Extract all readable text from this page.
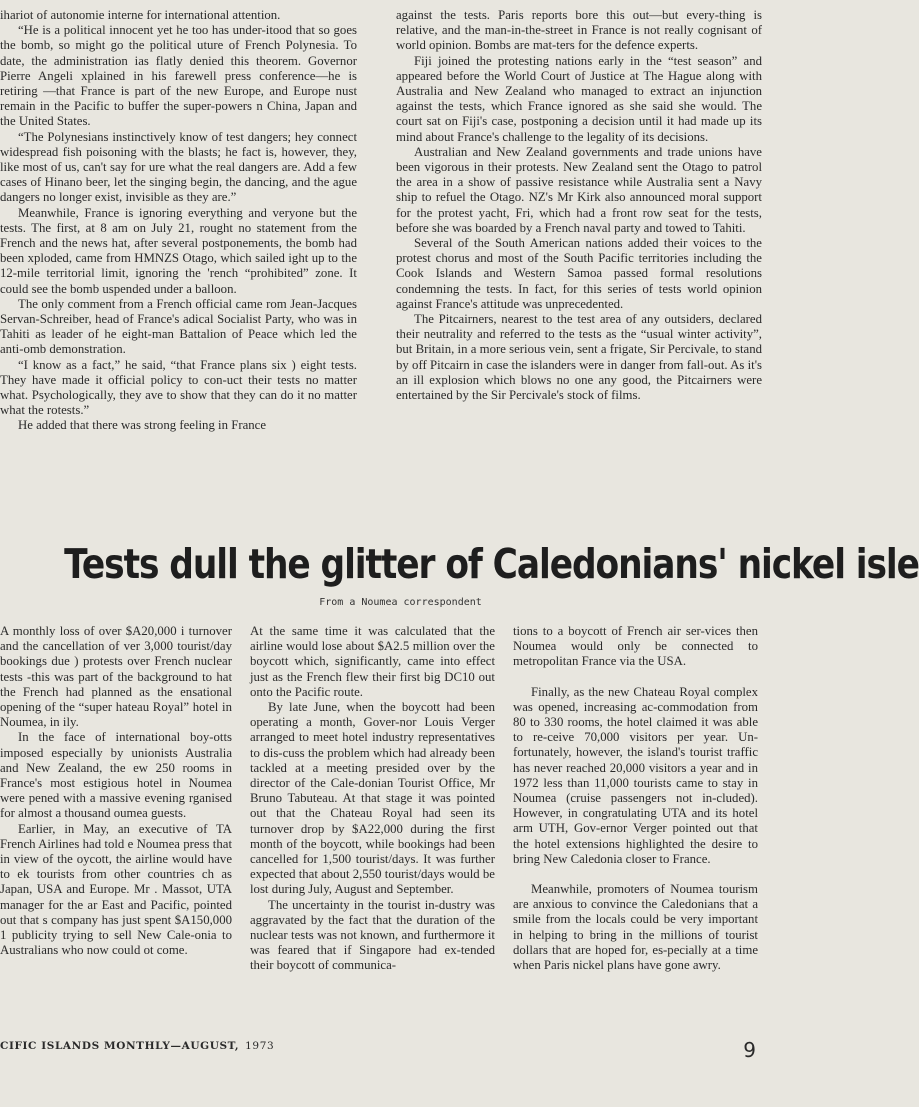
ihariot of autonomie interne for international attention.

“He is a political innocent yet he too has under-itood that so goes the bomb, so might go the political uture of French Polynesia. To date, the administration ias flatly denied this theorem. Governor Pierre Angeli xplained in his farewell press conference—he is retiring —that France is part of the new Europe, and Europe nust remain in the Pacific to buffer the super-powers n China, Japan and the United States.

“The Polynesians instinctively know of test dangers; hey connect widespread fish poisoning with the blasts; he fact is, however, they, like most of us, can't say for ure what the real dangers are. Add a few cases of Hinano beer, let the singing begin, the dancing, and the ague dangers no longer exist, invisible as they are.”

Meanwhile, France is ignoring everything and veryone but the tests. The first, at 8 am on July 21, rought no statement from the French and the news hat, after several postponements, the bomb had been xploded, came from HMNZS Otago, which sailed ight up to the 12-mile territorial limit, ignoring the 'rench “prohibited” zone. It could see the bomb uspended under a balloon.

The only comment from a French official came rom Jean-Jacques Servan-Schreiber, head of France's adical Socialist Party, who was in Tahiti as leader of he eight-man Battalion of Peace which led the anti-omb demonstration.

“I know as a fact,” he said, “that France plans six ) eight tests. They have made it official policy to con-uct their tests no matter what. Psychologically, they ave to show that they can do it no matter what the rotests.”

He added that there was strong feeling in France

against the tests. Paris reports bore this out—but every-thing is relative, and the man-in-the-street in France is not really cognisant of world opinion. Bombs are mat-ters for the defence experts.

Fiji joined the protesting nations early in the “test season” and appeared before the World Court of Justice at The Hague along with Australia and New Zealand who managed to extract an injunction against the tests, which France ignored as she said she would. The court sat on Fiji's case, postponing a decision until it had made up its mind about France's challenge to the legality of its decisions.

Australian and New Zealand governments and trade unions have been vigorous in their protests. New Zealand sent the Otago to patrol the area in a show of passive resistance while Australia sent a Navy ship to refuel the Otago. NZ's Mr Kirk also announced moral support for the protest yacht, Fri, which had a front row seat for the tests, before she was boarded by a French naval party and towed to Tahiti.

Several of the South American nations added their voices to the protest chorus and most of the South Pacific territories including the Cook Islands and Western Samoa passed formal resolutions condemning the tests. In fact, for this series of tests world opinion against France's attitude was unprecedented.

The Pitcairners, nearest to the test area of any outsiders, declared their neutrality and referred to the tests as the “usual winter activity”, but Britain, in a more serious vein, sent a frigate, Sir Percivale, to stand by off Pitcairn in case the islanders were in danger from fall-out. As it's an ill explosion which blows no one any good, the Pitcairners were entertained by the Sir Percivale's stock of films.

Tests dull the glitter of Caledonians' nickel isle
From a Noumea correspondent

A monthly loss of over $A20,000 i turnover and the cancellation of ver 3,000 tourist/day bookings due ) protests over French nuclear tests -this was part of the background to hat the French had planned as the ensational opening of the “super hateau Royal” hotel in Noumea, in ily.

In the face of international boy-otts imposed especially by unionists Australia and New Zealand, the ew 250 rooms in France's most estigious hotel in Noumea were pened with a massive evening rganised for almost a thousand oumea guests.

Earlier, in May, an executive of TA French Airlines had told e Noumea press that in view of the oycott, the airline would have to ek tourists from other countries ch as Japan, USA and Europe. Mr . Massot, UTA manager for the ar East and Pacific, pointed out that s company has just spent $A150,000 1 publicity trying to sell New Cale-onia to Australians who now could ot come.

At the same time it was calculated that the airline would lose about $A2.5 million over the boycott which, significantly, came into effect just as the French flew their first big DC10 out onto the Pacific route.

By late June, when the boycott had been operating a month, Gover-nor Louis Verger arranged to meet hotel industry representatives to dis-cuss the problem which had already been tackled at a meeting presided over by the director of the Cale-donian Tourist Office, Mr Bruno Tabuteau. At that stage it was pointed out that the Chateau Royal had seen its turnover drop by $A22,000 during the first month of the boycott, while bookings had been cancelled for 1,500 tourist/days. It was further expected that about 2,550 tourist/days would be lost during July, August and September.

The uncertainty in the tourist in-dustry was aggravated by the fact that the duration of the nuclear tests was not known, and furthermore it was feared that if Singapore had ex-tended their boycott of communica-

tions to a boycott of French air ser-vices then Noumea would only be connected to metropolitan France via the USA.

Finally, as the new Chateau Royal complex was opened, increasing ac-commodation from 80 to 330 rooms, the hotel claimed it was able to re-ceive 70,000 visitors per year. Un-fortunately, however, the island's tourist traffic has never reached 20,000 visitors a year and in 1972 less than 11,000 tourists came to stay in Noumea (cruise passengers not in-cluded). However, in congratulating UTA and its hotel arm UTH, Gov-ernor Verger pointed out that the hotel extensions highlighted the desire to bring New Caledonia closer to France.

Meanwhile, promoters of Noumea tourism are anxious to convince the Caledonians that a smile from the locals could be very important in helping to bring in the millions of tourist dollars that are hoped for, es-pecially at a time when Paris nickel plans have gone awry.

CIFIC ISLANDS MONTHLY—AUGUST, 1973	9
